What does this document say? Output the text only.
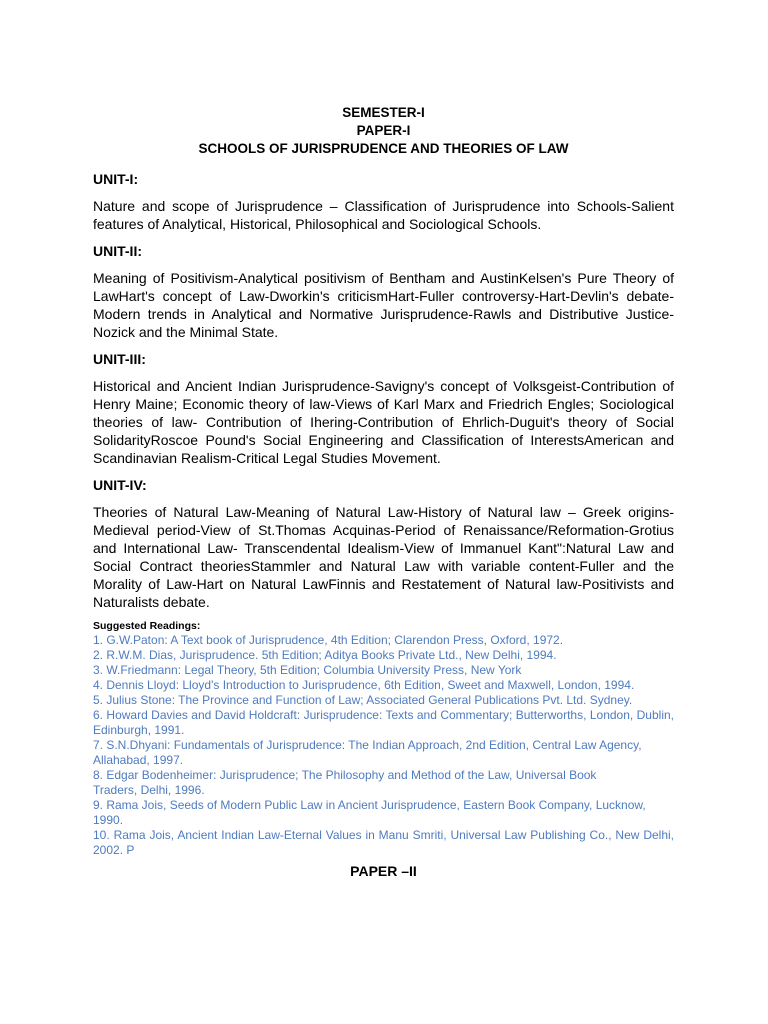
SEMESTER-I
PAPER-I
SCHOOLS OF JURISPRUDENCE AND THEORIES OF LAW

UNIT-I:

Nature and scope of Jurisprudence – Classification of Jurisprudence into Schools-Salient features of Analytical, Historical, Philosophical and Sociological Schools.

UNIT-II:

Meaning of Positivism-Analytical positivism of Bentham and AustinKelsen's Pure Theory of LawHart's concept of Law-Dworkin's criticismHart-Fuller controversy-Hart-Devlin's debate-Modern trends in Analytical and Normative Jurisprudence-Rawls and Distributive Justice-Nozick and the Minimal State.

UNIT-III:

Historical and Ancient Indian Jurisprudence-Savigny's concept of Volksgeist-Contribution of Henry Maine; Economic theory of law-Views of Karl Marx and Friedrich Engles; Sociological theories of law- Contribution of Ihering-Contribution of Ehrlich-Duguit's theory of Social SolidarityRoscoe Pound's Social Engineering and Classification of InterestsAmerican and Scandinavian Realism-Critical Legal Studies Movement.

UNIT-IV:

Theories of Natural Law-Meaning of Natural Law-History of Natural law – Greek origins-Medieval period-View of St.Thomas Acquinas-Period of Renaissance/Reformation-Grotius and International Law- Transcendental Idealism-View of Immanuel Kant":Natural Law and Social Contract theoriesStammler and Natural Law with variable content-Fuller and the Morality of Law-Hart on Natural LawFinnis and Restatement of Natural law-Positivists and Naturalists debate.

Suggested Readings:

1. G.W.Paton: A Text book of Jurisprudence, 4th Edition; Clarendon Press, Oxford, 1972.
2. R.W.M. Dias, Jurisprudence. 5th Edition; Aditya Books Private Ltd., New Delhi, 1994.
3. W.Friedmann: Legal Theory, 5th Edition; Columbia University Press, New York
4. Dennis Lloyd: Lloyd's Introduction to Jurisprudence, 6th Edition, Sweet and Maxwell, London, 1994.
5. Julius Stone: The Province and Function of Law; Associated General Publications Pvt. Ltd. Sydney.
6. Howard Davies and David Holdcraft: Jurisprudence: Texts and Commentary; Butterworths, London, Dublin, Edinburgh, 1991.
7. S.N.Dhyani: Fundamentals of Jurisprudence: The Indian Approach, 2nd Edition, Central Law Agency,
Allahabad, 1997.
8. Edgar Bodenheimer: Jurisprudence; The Philosophy and Method of the Law, Universal Book
Traders, Delhi, 1996.
9. Rama Jois, Seeds of Modern Public Law in Ancient Jurisprudence, Eastern Book Company, Lucknow,
1990.
10. Rama Jois, Ancient Indian Law-Eternal Values in Manu Smriti, Universal Law Publishing Co., New Delhi, 2002. P

PAPER –II
